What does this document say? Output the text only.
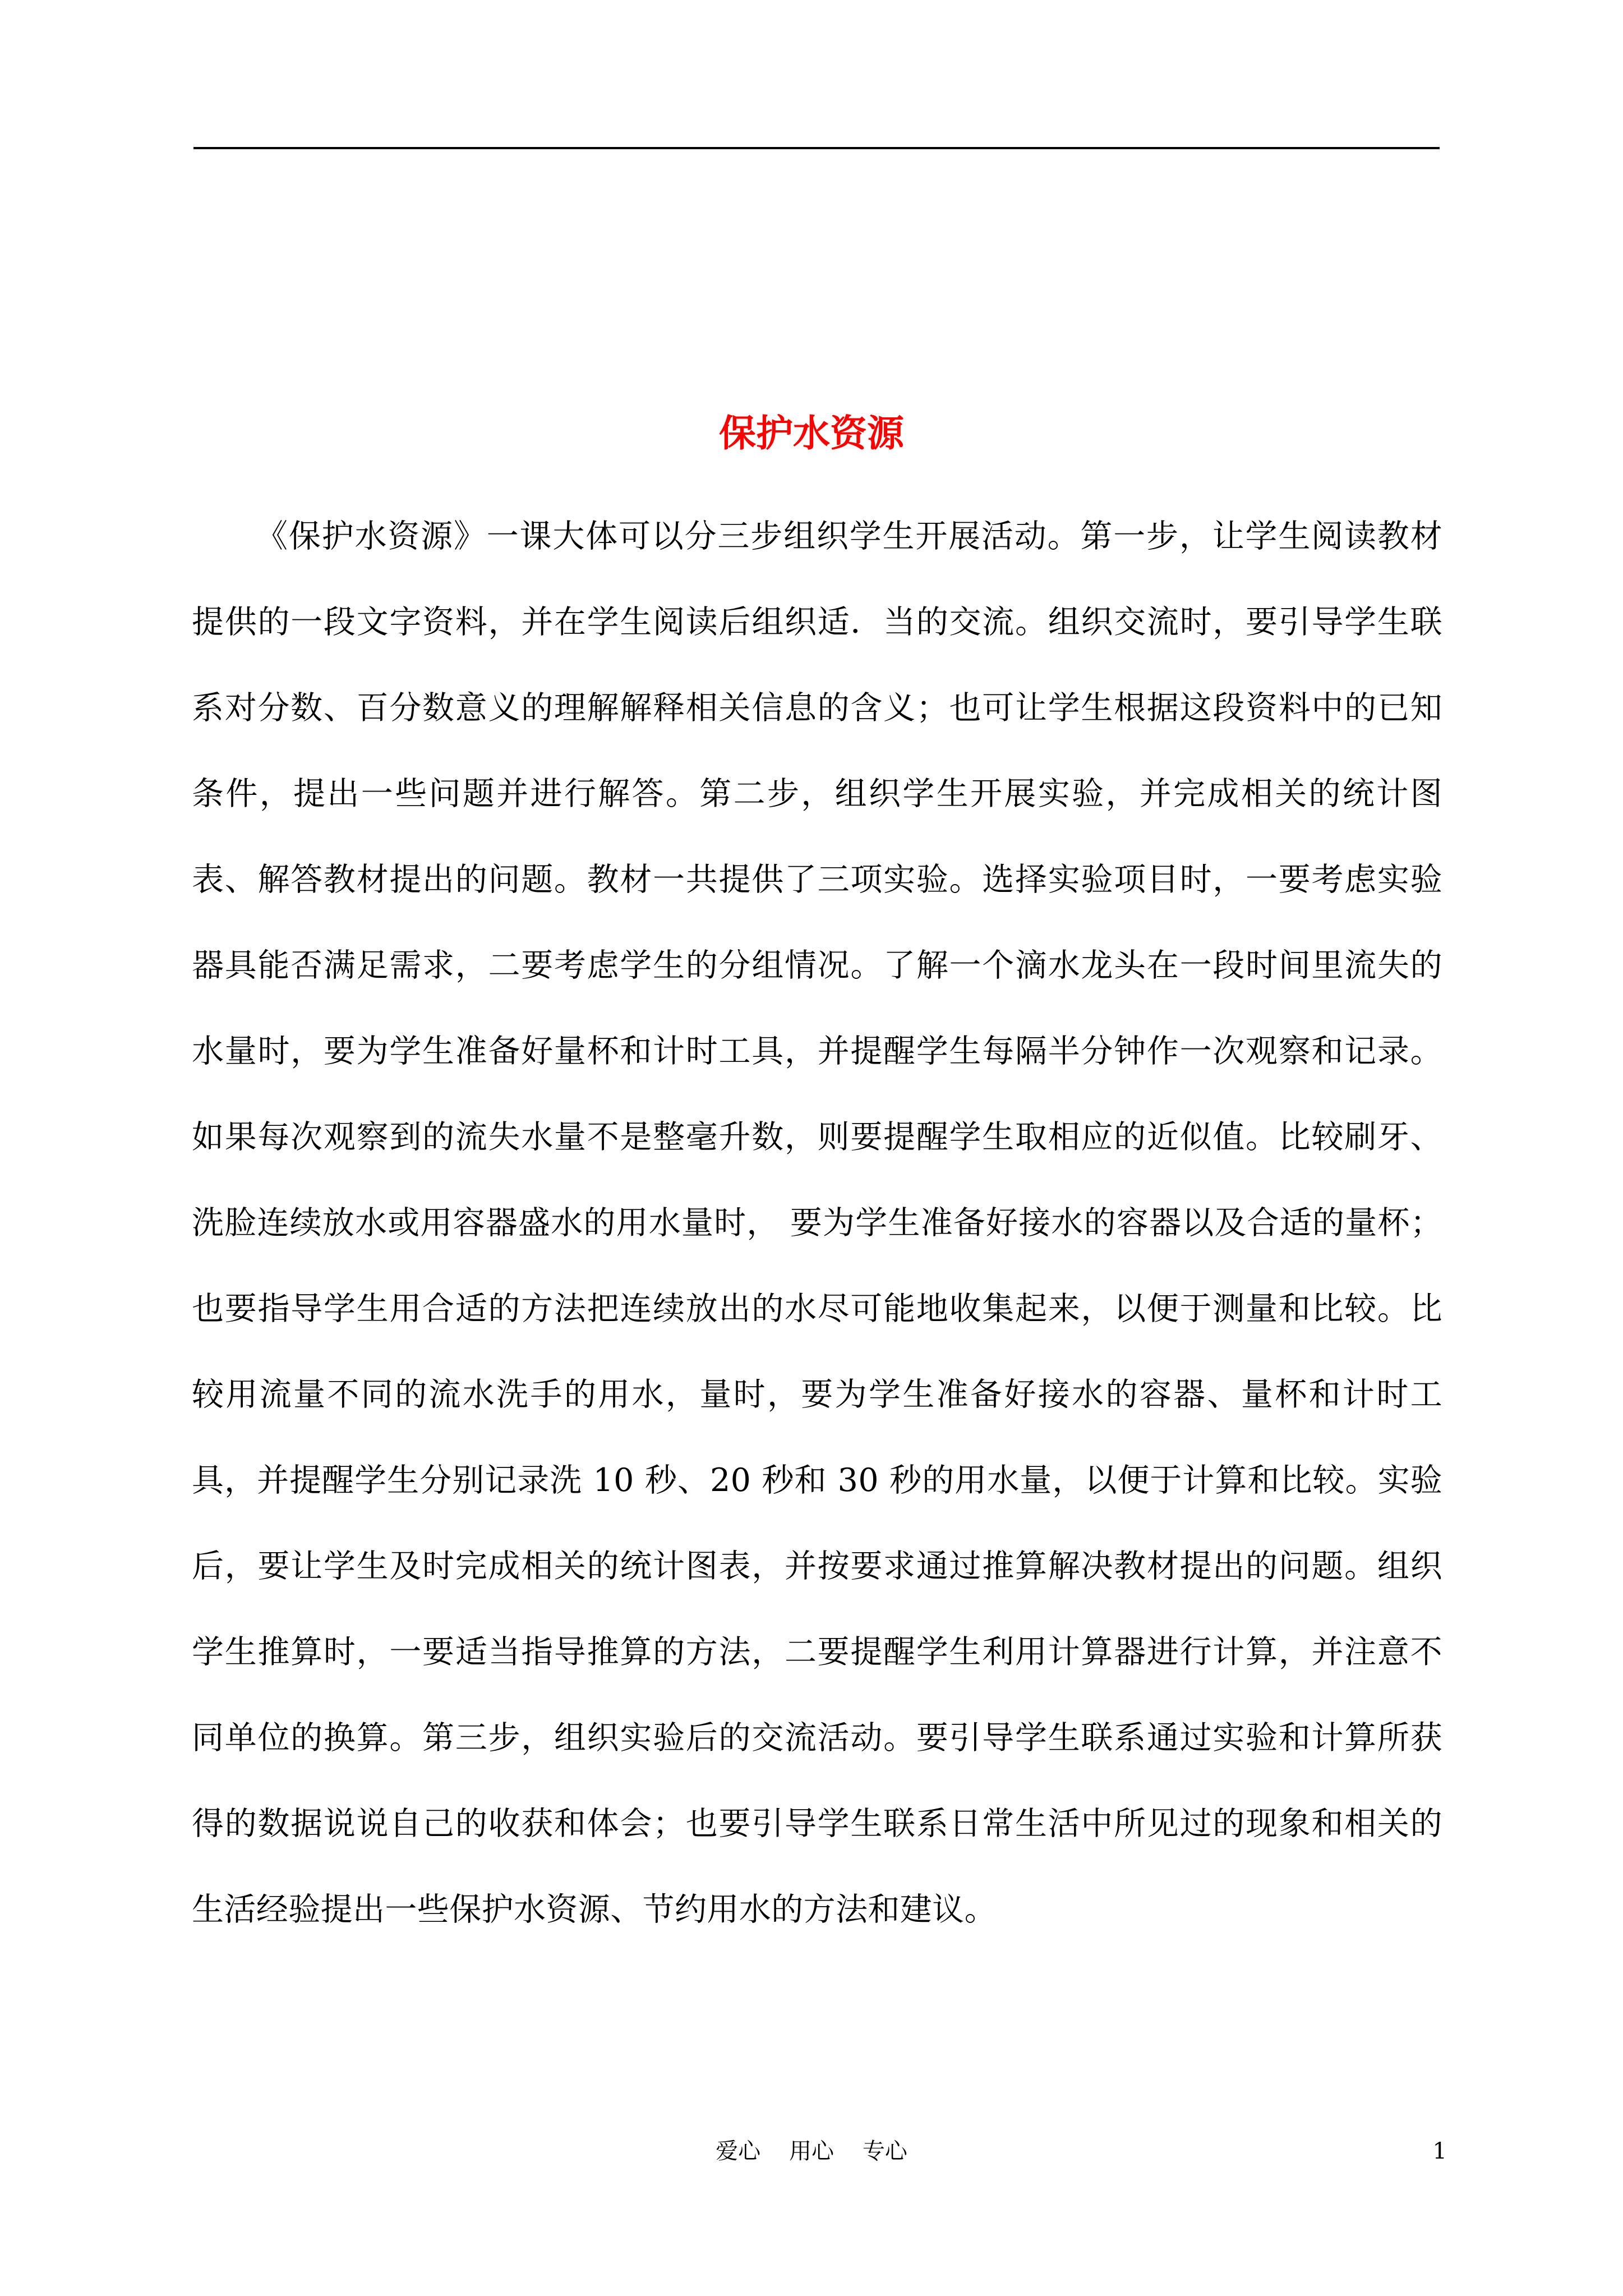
保护水资源

《保护水资源》一课大体可以分三步组织学生开展活动。第一步，让学生阅读教材提供的一段文字资料，并在学生阅读后组织适．当的交流。组织交流时，要引导学生联系对分数、百分数意义的理解解释相关信息的含义；也可让学生根据这段资料中的已知条件，提出一些问题并进行解答。第二步，组织学生开展实验，并完成相关的统计图表、解答教材提出的问题。教材一共提供了三项实验。选择实验项目时，一要考虑实验器具能否满足需求，二要考虑学生的分组情况。了解一个滴水龙头在一段时间里流失的水量时，要为学生准备好量杯和计时工具，并提醒学生每隔半分钟作一次观察和记录。如果每次观察到的流失水量不是整毫升数，则要提醒学生取相应的近似值。比较刷牙、洗脸连续放水或用容器盛水的用水量时， 要为学生准备好接水的容器以及合适的量杯；也要指导学生用合适的方法把连续放出的水尽可能地收集起来，以便于测量和比较。比较用流量不同的流水洗手的用水，量时，要为学生准备好接水的容器、量杯和计时工具，并提醒学生分别记录洗 10 秒、20 秒和 30 秒的用水量，以便于计算和比较。实验后，要让学生及时完成相关的统计图表，并按要求通过推算解决教材提出的问题。组织学生推算时，一要适当指导推算的方法，二要提醒学生利用计算器进行计算，并注意不同单位的换算。第三步，组织实验后的交流活动。要引导学生联系通过实验和计算所获得的数据说说自己的收获和体会；也要引导学生联系日常生活中所见过的现象和相关的生活经验提出一些保护水资源、节约用水的方法和建议。

爱心    用心    专心	1
